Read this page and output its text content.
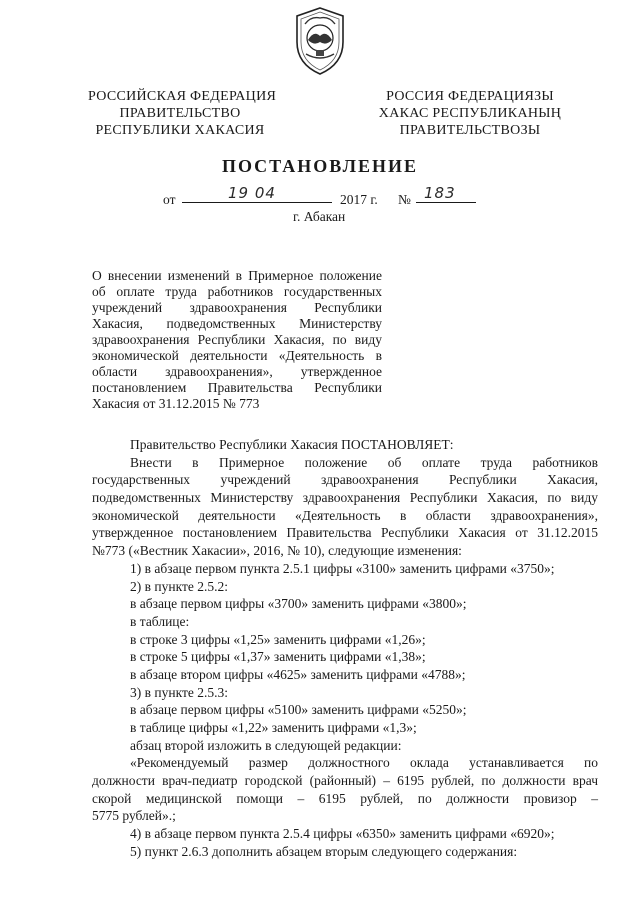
РОССИЙСКАЯ ФЕДЕРАЦИЯ
ПРАВИТЕЛЬСТВО
РЕСПУБЛИКИ ХАКАСИЯ
РОССИЯ ФЕДЕРАЦИЯЗЫ
ХАКАС РЕСПУБЛИКАНЫҢ
ПРАВИТЕЛЬСТВОЗЫ
ПОСТАНОВЛЕНИЕ
от	19 04	2017 г. № 183
г. Абакан
О внесении изменений в Примерное положение
об оплате труда работников государственных
учреждений здравоохранения Республики
Хакасия, подведомственных Министерству
здравоохранения Республики Хакасия, по виду
экономической деятельности «Деятельность в
области здравоохранения», утвержденное
постановлением Правительства Республики
Хакасия от 31.12.2015 № 773
Правительство Республики Хакасия ПОСТАНОВЛЯЕТ:
Внести в Примерное положение об оплате труда работников
государственных учреждений здравоохранения Республики Хакасия,
подведомственных Министерству здравоохранения Республики Хакасия, по виду
экономической деятельности «Деятельность в области здравоохранения»,
утвержденное постановлением Правительства Республики Хакасия от 31.12.2015
№773 («Вестник Хакасии», 2016, № 10), следующие изменения:
1) в абзаце первом пункта 2.5.1 цифры «3100» заменить цифрами «3750»;
2) в пункте 2.5.2:
в абзаце первом цифры «3700» заменить цифрами «3800»;
в таблице:
в строке 3 цифры «1,25» заменить цифрами «1,26»;
в строке 5 цифры «1,37» заменить цифрами «1,38»;
в абзаце втором цифры «4625» заменить цифрами «4788»;
3) в пункте 2.5.3:
в абзаце первом цифры «5100» заменить цифрами «5250»;
в таблице цифры «1,22» заменить цифрами «1,3»;
абзац второй изложить в следующей редакции:
«Рекомендуемый размер должностного оклада устанавливается по
должности врач-педиатр городской (районный) – 6195 рублей, по должности врач
скорой медицинской помощи – 6195 рублей, по должности провизор –
5775 рублей».;
4) в абзаце первом пункта 2.5.4 цифры «6350» заменить цифрами «6920»;
5) пункт 2.6.3 дополнить абзацем вторым следующего содержания:
